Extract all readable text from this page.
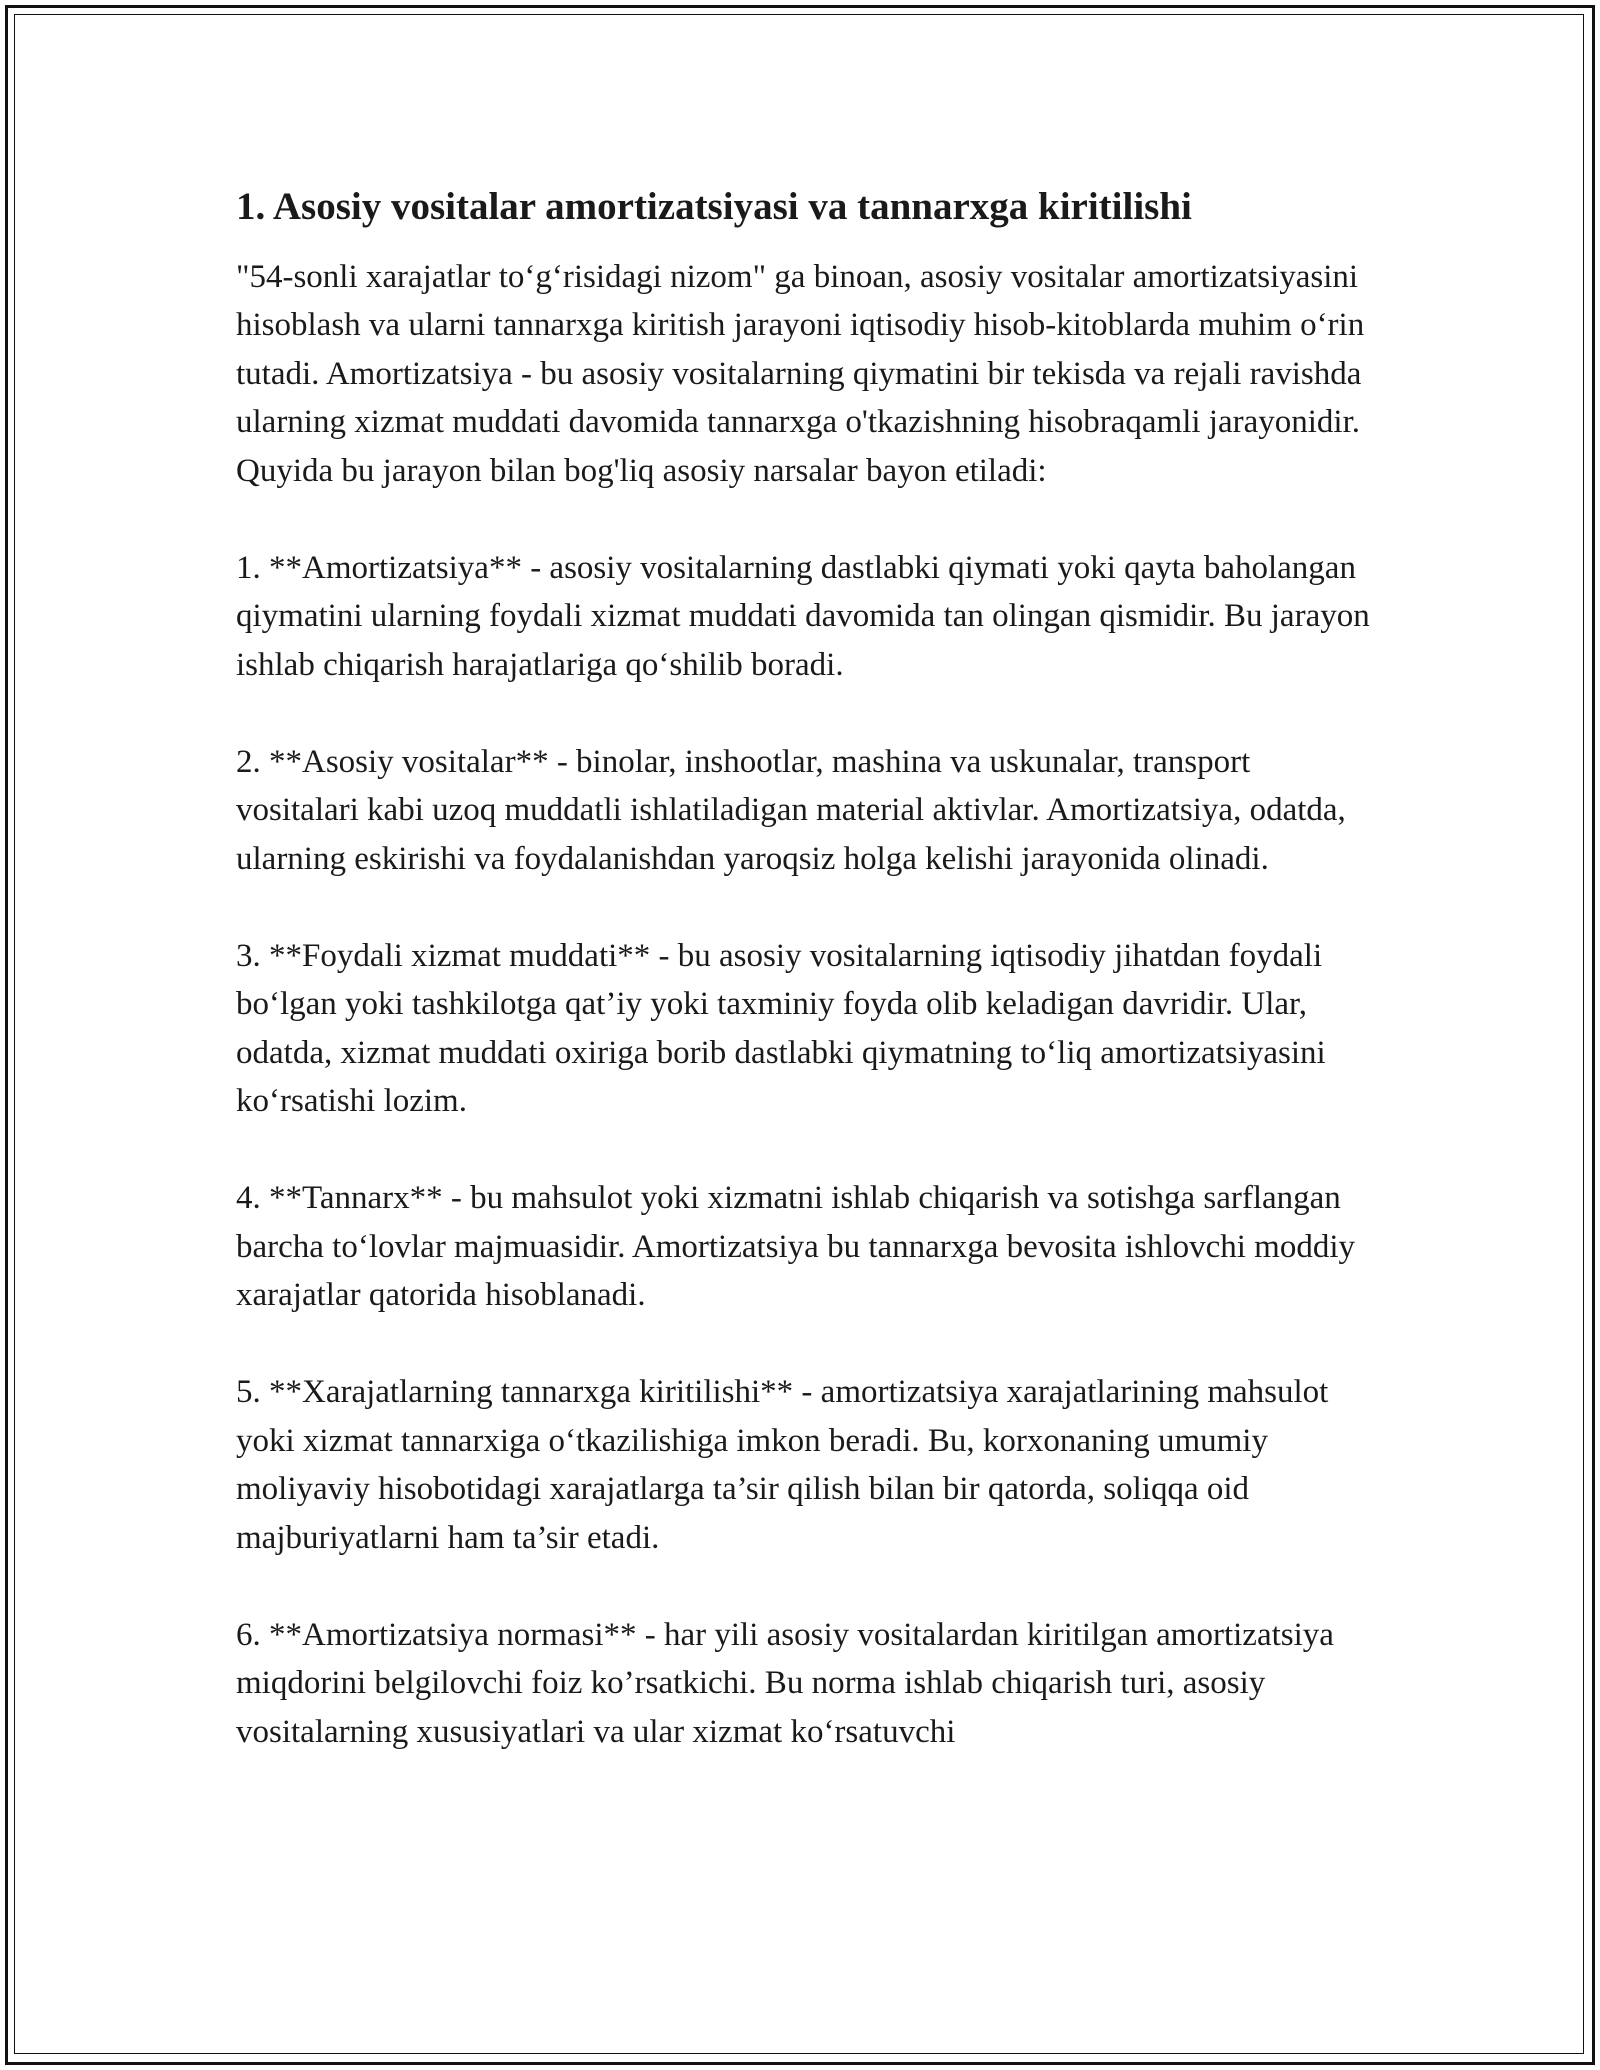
1. Asosiy vositalar amortizatsiyasi va tannarxga kiritilishi

"54-sonli xarajatlar to‘g‘risidagi nizom" ga binoan, asosiy vositalar amortizatsiyasini hisoblash va ularni tannarxga kiritish jarayoni iqtisodiy hisob-kitoblarda muhim o‘rin tutadi. Amortizatsiya - bu asosiy vositalarning qiymatini bir tekisda va rejali ravishda ularning xizmat muddati davomida tannarxga o'tkazishning hisobraqamli jarayonidir. Quyida bu jarayon bilan bog'liq asosiy narsalar bayon etiladi:

1. **Amortizatsiya** - asosiy vositalarning dastlabki qiymati yoki qayta baholangan qiymatini ularning foydali xizmat muddati davomida tan olingan qismidir. Bu jarayon ishlab chiqarish harajatlariga qo‘shilib boradi.

2. **Asosiy vositalar** - binolar, inshootlar, mashina va uskunalar, transport vositalari kabi uzoq muddatli ishlatiladigan material aktivlar. Amortizatsiya, odatda, ularning eskirishi va foydalanishdan yaroqsiz holga kelishi jarayonida olinadi.

3. **Foydali xizmat muddati** - bu asosiy vositalarning iqtisodiy jihatdan foydali bo‘lgan yoki tashkilotga qat’iy yoki taxminiy foyda olib keladigan davridir. Ular, odatda, xizmat muddati oxiriga borib dastlabki qiymatning to‘liq amortizatsiyasini ko‘rsatishi lozim.

4. **Tannarx** - bu mahsulot yoki xizmatni ishlab chiqarish va sotishga sarflangan barcha to‘lovlar majmuasidir. Amortizatsiya bu tannarxga bevosita ishlovchi moddiy xarajatlar qatorida hisoblanadi.

5. **Xarajatlarning tannarxga kiritilishi** - amortizatsiya xarajatlarining mahsulot yoki xizmat tannarxiga o‘tkazilishiga imkon beradi. Bu, korxonaning umumiy moliyaviy hisobotidagi xarajatlarga ta’sir qilish bilan bir qatorda, soliqqa oid majburiyatlarni ham ta’sir etadi.

6. **Amortizatsiya normasi** - har yili asosiy vositalardan kiritilgan amortizatsiya miqdorini belgilovchi foiz ko’rsatkichi. Bu norma ishlab chiqarish turi, asosiy vositalarning xususiyatlari va ular xizmat ko‘rsatuvchi
